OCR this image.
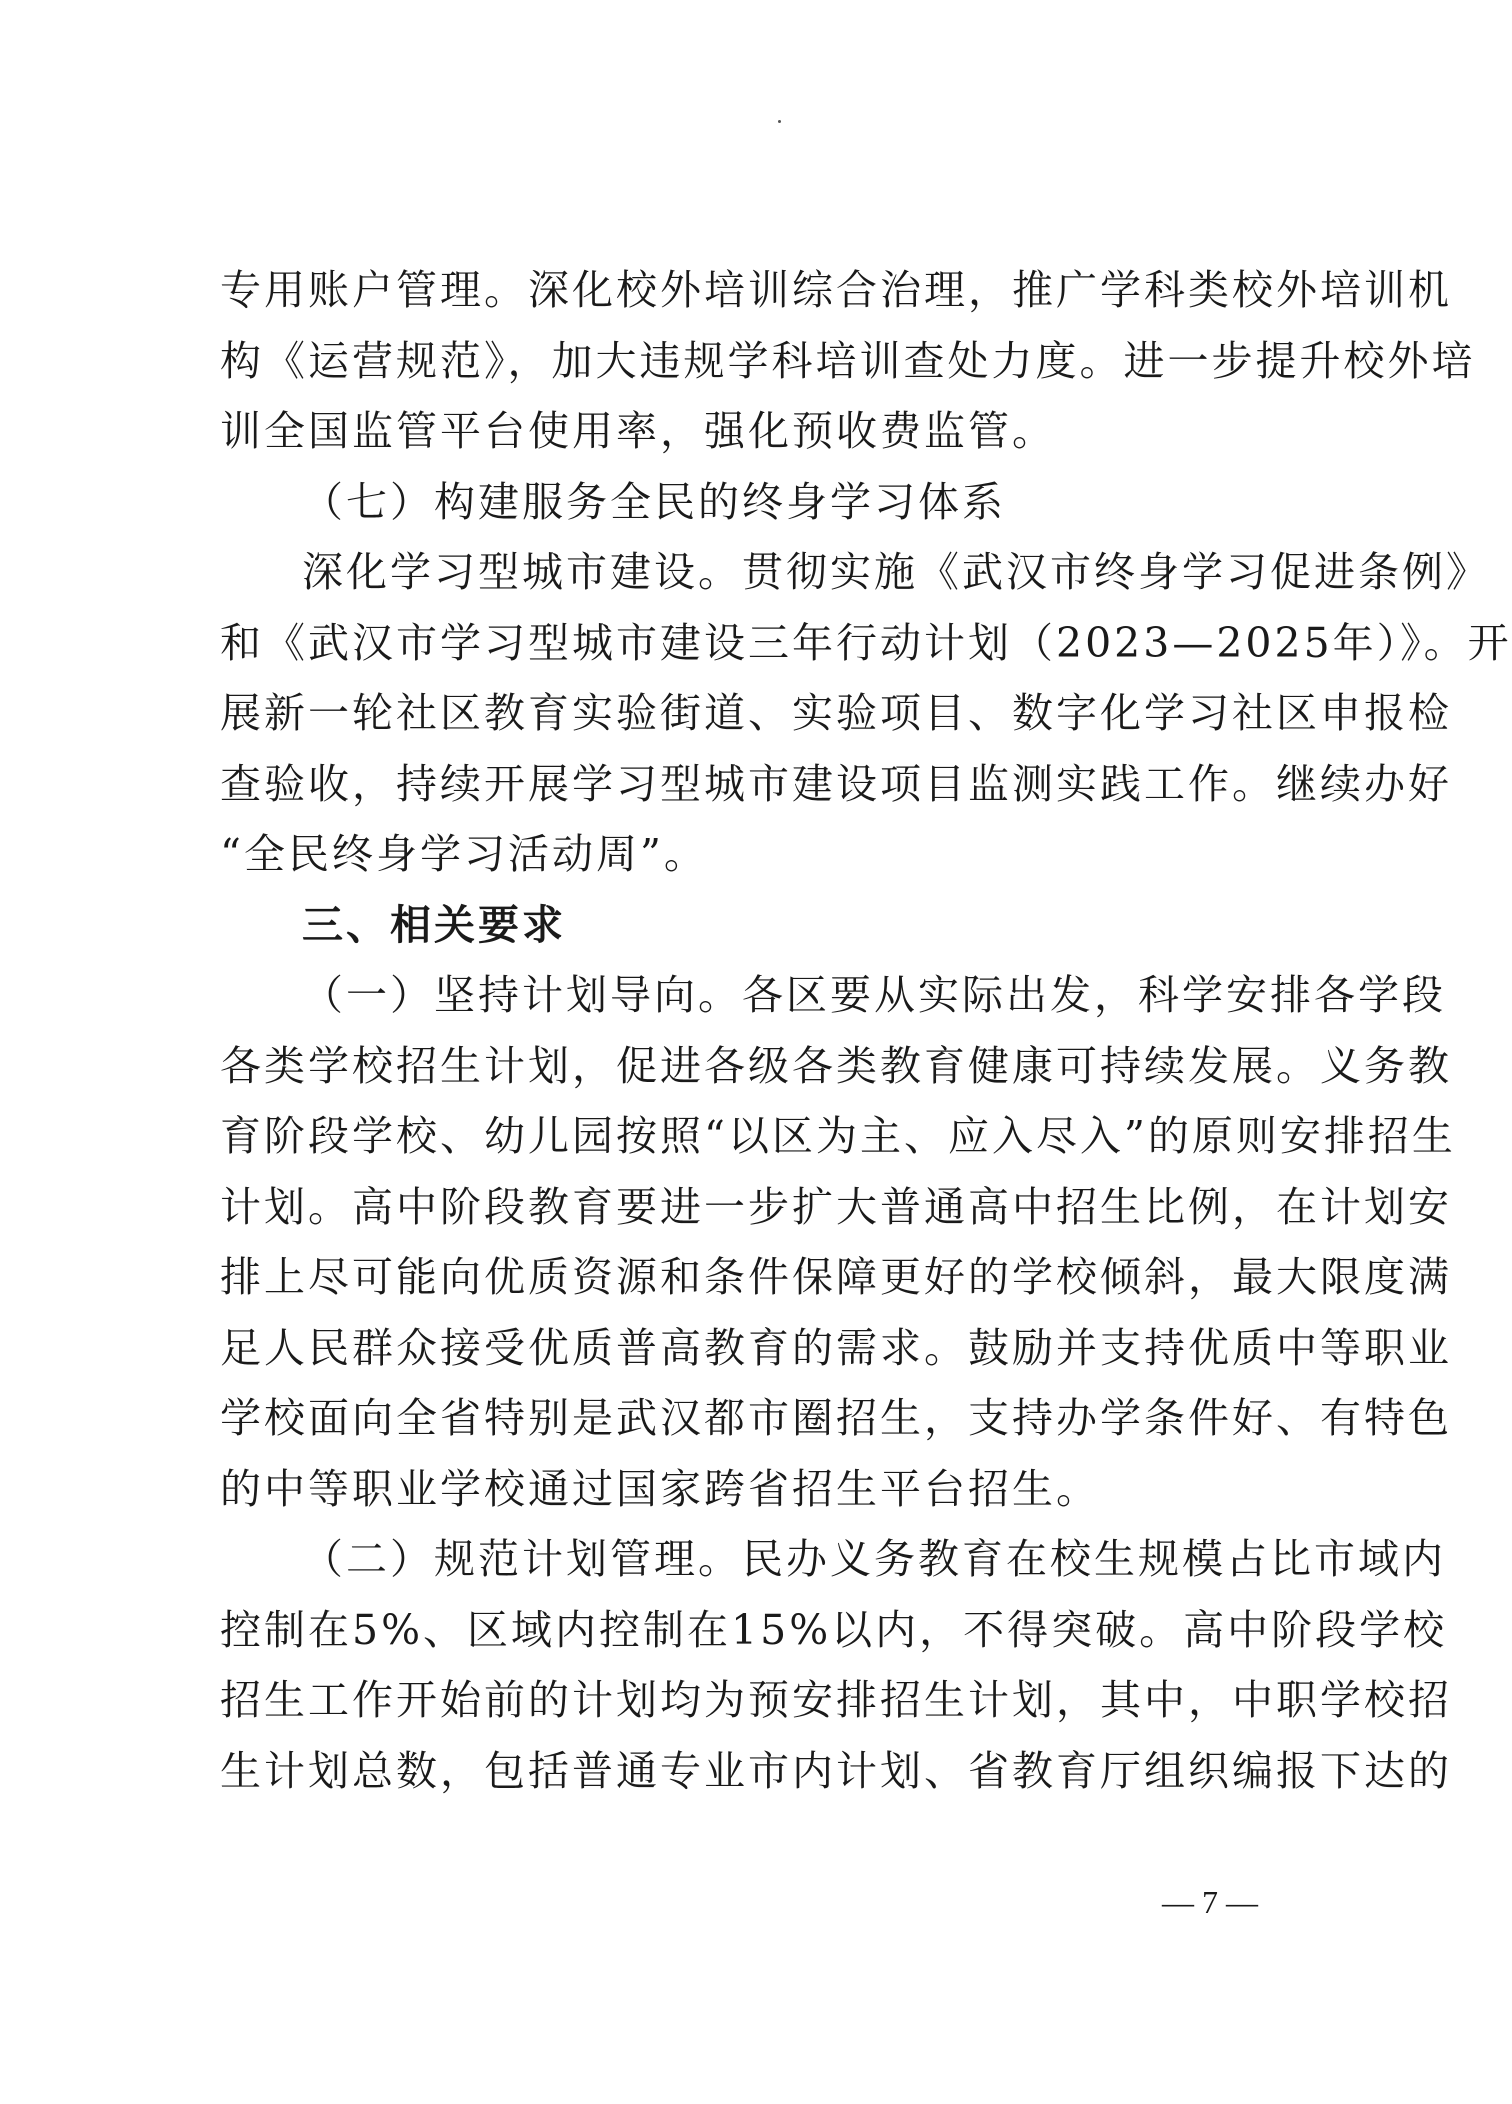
专用账户管理。深化校外培训综合治理，推广学科类校外培训机
构《运营规范》，加大违规学科培训查处力度。进一步提升校外培
训全国监管平台使用率，强化预收费监管。
（七）构建服务全民的终身学习体系
深化学习型城市建设。贯彻实施《武汉市终身学习促进条例》
和《武汉市学习型城市建设三年行动计划（2023—2025年）》。开
展新一轮社区教育实验街道、实验项目、数字化学习社区申报检
查验收，持续开展学习型城市建设项目监测实践工作。继续办好
“全民终身学习活动周”。
三、相关要求
（一）坚持计划导向。各区要从实际出发，科学安排各学段
各类学校招生计划，促进各级各类教育健康可持续发展。义务教
育阶段学校、幼儿园按照“以区为主、应入尽入”的原则安排招生
计划。高中阶段教育要进一步扩大普通高中招生比例，在计划安
排上尽可能向优质资源和条件保障更好的学校倾斜，最大限度满
足人民群众接受优质普高教育的需求。鼓励并支持优质中等职业
学校面向全省特别是武汉都市圈招生，支持办学条件好、有特色
的中等职业学校通过国家跨省招生平台招生。
（二）规范计划管理。民办义务教育在校生规模占比市域内
控制在5%、区域内控制在15%以内，不得突破。高中阶段学校
招生工作开始前的计划均为预安排招生计划，其中，中职学校招
生计划总数，包括普通专业市内计划、省教育厅组织编报下达的
— 7 —
